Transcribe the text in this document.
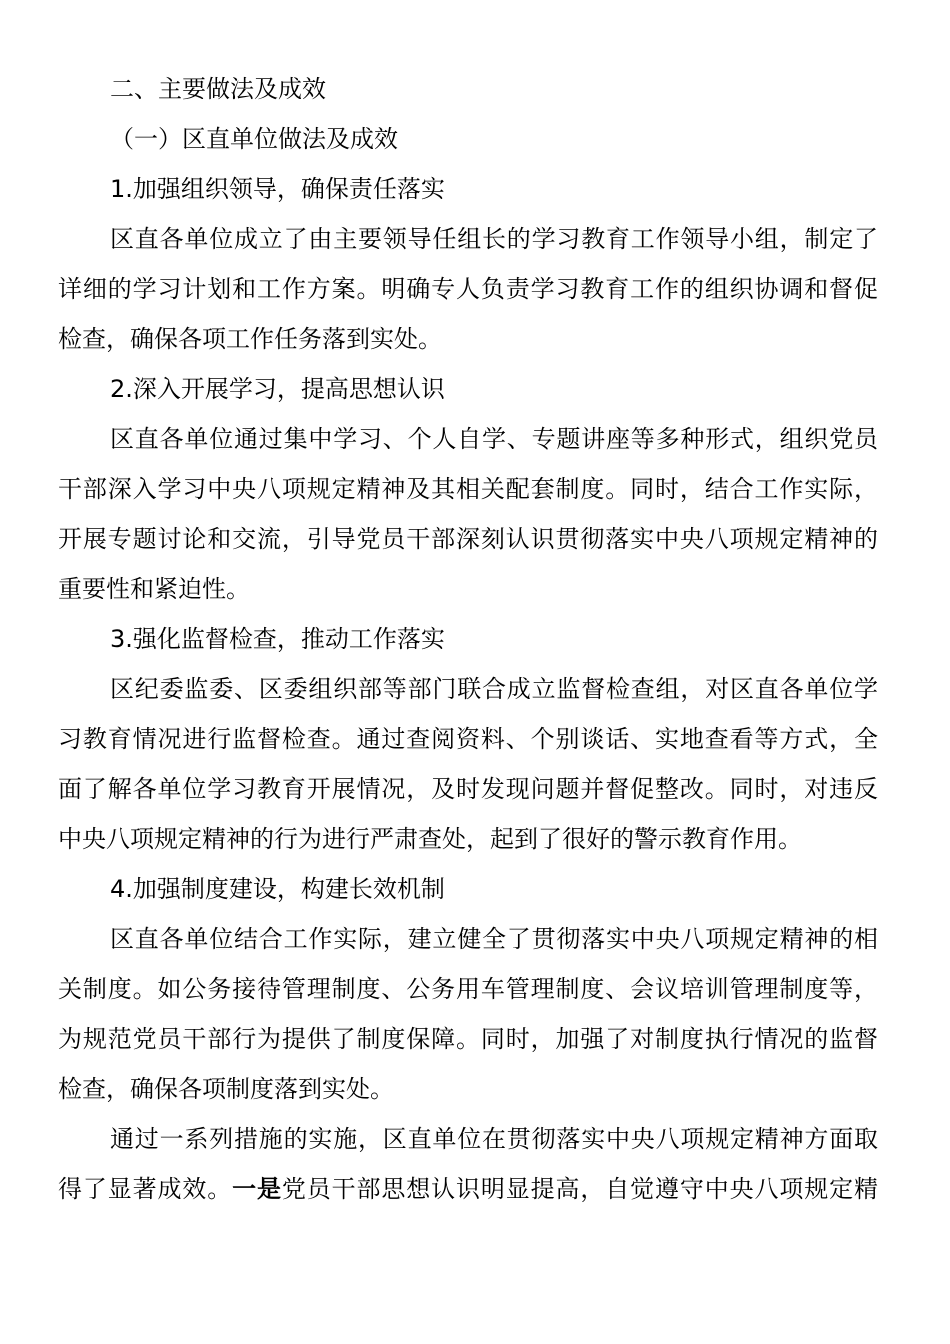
二、主要做法及成效
（一）区直单位做法及成效
1.加强组织领导，确保责任落实
区直各单位成立了由主要领导任组长的学习教育工作领导小组，制定了
详细的学习计划和工作方案。明确专人负责学习教育工作的组织协调和督促
检查，确保各项工作任务落到实处。
2.深入开展学习，提高思想认识
区直各单位通过集中学习、个人自学、专题讲座等多种形式，组织党员
干部深入学习中央八项规定精神及其相关配套制度。同时，结合工作实际，
开展专题讨论和交流，引导党员干部深刻认识贯彻落实中央八项规定精神的
重要性和紧迫性。
3.强化监督检查，推动工作落实
区纪委监委、区委组织部等部门联合成立监督检查组，对区直各单位学
习教育情况进行监督检查。通过查阅资料、个别谈话、实地查看等方式，全
面了解各单位学习教育开展情况，及时发现问题并督促整改。同时，对违反
中央八项规定精神的行为进行严肃查处，起到了很好的警示教育作用。
4.加强制度建设，构建长效机制
区直各单位结合工作实际，建立健全了贯彻落实中央八项规定精神的相
关制度。如公务接待管理制度、公务用车管理制度、会议培训管理制度等，
为规范党员干部行为提供了制度保障。同时，加强了对制度执行情况的监督
检查，确保各项制度落到实处。
通过一系列措施的实施，区直单位在贯彻落实中央八项规定精神方面取
得了显著成效。一是党员干部思想认识明显提高，自觉遵守中央八项规定精
